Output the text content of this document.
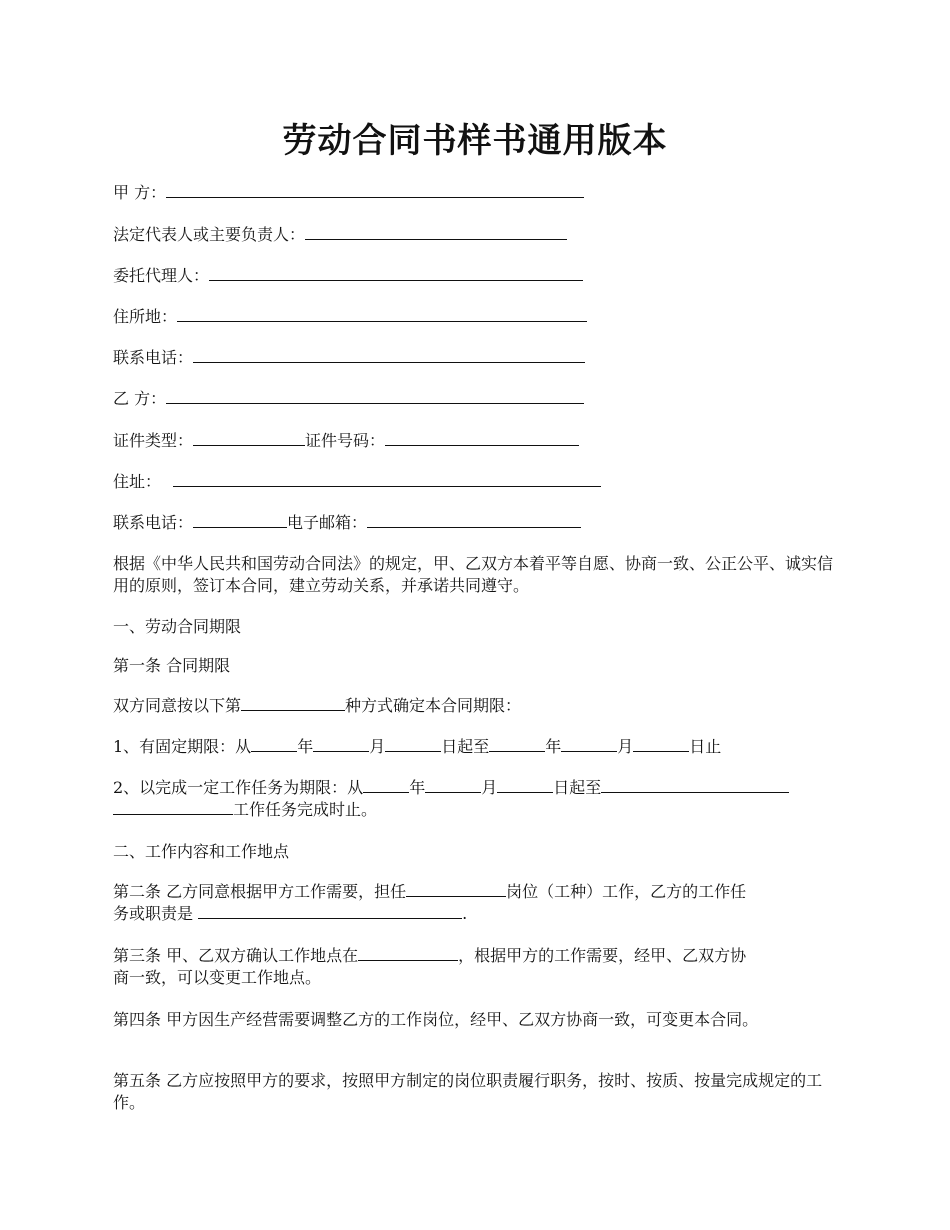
劳动合同书样书通用版本
甲 方：
法定代表人或主要负责人：
委托代理人：
住所地：
联系电话：
乙 方：
证件类型：	证件号码：
住址：
联系电话：	电子邮箱：

根据《中华人民共和国劳动合同法》的规定，甲、乙双方本着平等自愿、协商一致、公正公平、诚实信用的原则，签订本合同，建立劳动关系，并承诺共同遵守。

一、劳动合同期限
第一条 合同期限
双方同意按以下第	种方式确定本合同期限：
1、有固定期限：从	年	月	日起至	年	月	日止
2、以完成一定工作任务为期限：从	年	月	日起至
工作任务完成时止。
二、工作内容和工作地点
第二条 乙方同意根据甲方工作需要，担任	岗位（工种）工作，乙方的工作任
务或职责是	.
第三条 甲、乙双方确认工作地点在	，根据甲方的工作需要，经甲、乙双方协
商一致，可以变更工作地点。

第四条 甲方因生产经营需要调整乙方的工作岗位，经甲、乙双方协商一致，可变更本合同。

第五条 乙方应按照甲方的要求，按照甲方制定的岗位职责履行职务，按时、按质、按量完成规定的工作。
